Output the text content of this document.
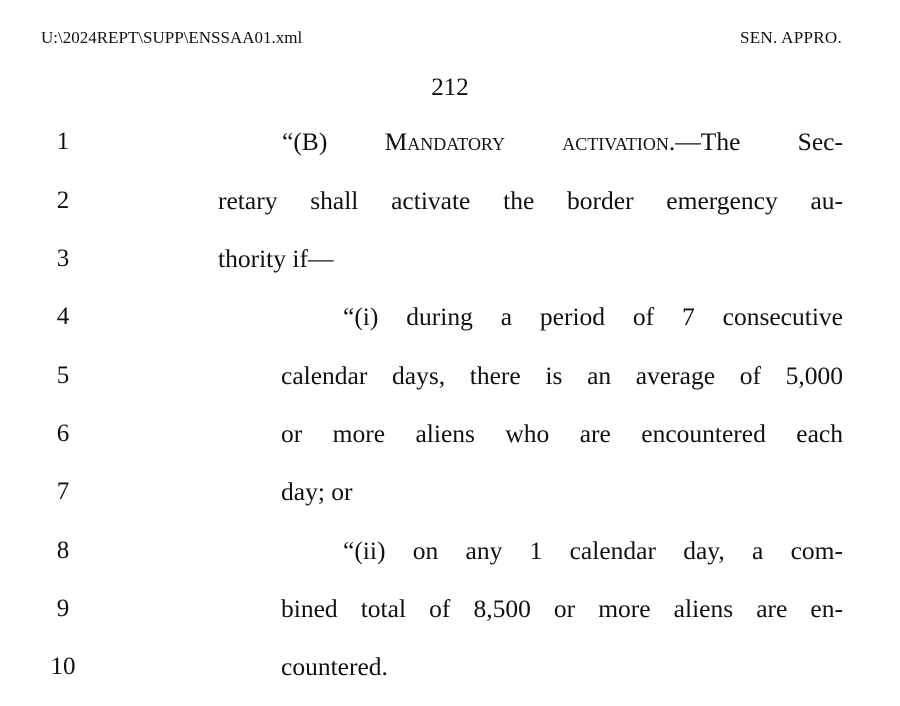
U:\2024REPT\SUPP\ENSSAA01.xml	SEN. APPRO.
212
1	“(B) Mandatory activation.—The Sec-
2	retary shall activate the border emergency au-
3	thority if—
4	“(i) during a period of 7 consecutive
5	calendar days, there is an average of 5,000
6	or more aliens who are encountered each
7	day; or
8	“(ii) on any 1 calendar day, a com-
9	bined total of 8,500 or more aliens are en-
10	countered.
